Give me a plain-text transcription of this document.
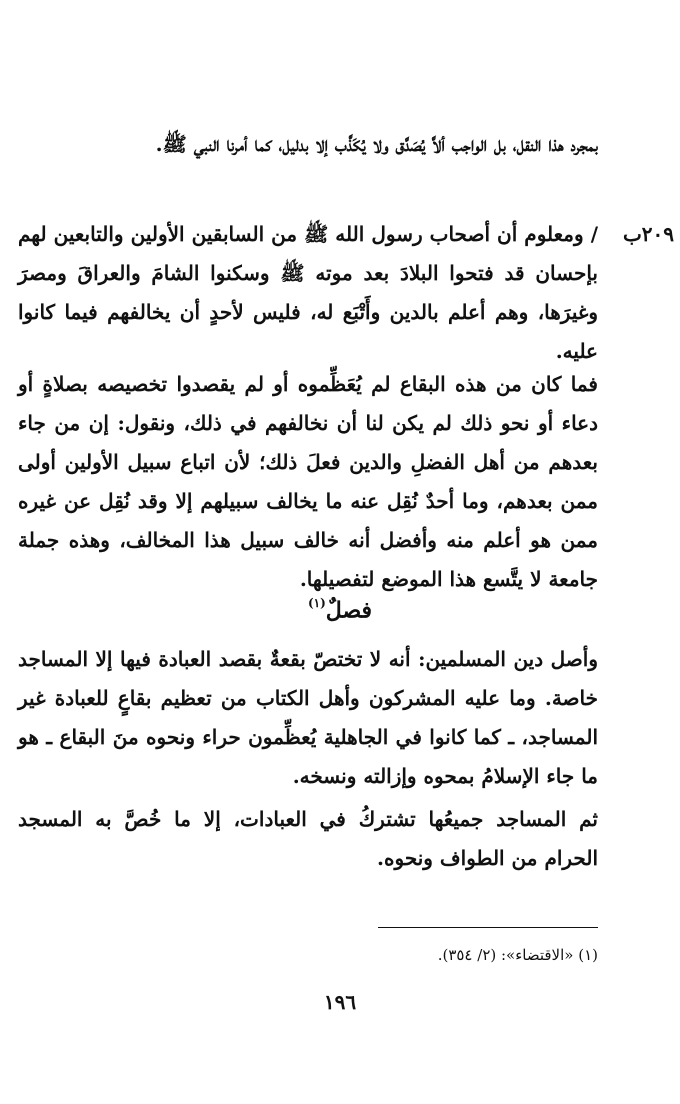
٢٠٩ب

بمجرد هذا النقل، بل الواجب ألاَّ يُصَدَّق ولا يُكَذَّب إلا بدليل، كما أمرنا النبي ﷺ.

/ ومعلوم أن أصحاب رسول الله ﷺ من السابقين الأولين والتابعين لهم بإحسان قد فتحوا البلادَ بعد موته ﷺ وسكنوا الشامَ والعراقَ ومصرَ وغيرَها، وهم أعلم بالدين وأَتْبَع له، فليس لأحدٍ أن يخالفهم فيما كانوا عليه.

فما كان من هذه البقاع لم يُعَظِّموه أو لم يقصدوا تخصيصه بصلاةٍ أو دعاء أو نحو ذلك لم يكن لنا أن نخالفهم في ذلك، ونقول: إن من جاء بعدهم من أهل الفضلِ والدين فعلَ ذلك؛ لأن اتباع سبيل الأولين أولى ممن بعدهم، وما أحدٌ نُقِل عنه ما يخالف سبيلهم إلا وقد نُقِل عن غيره ممن هو أعلم منه وأفضل أنه خالف سبيل هذا المخالف، وهذه جملة جامعة لا يتَّسع هذا الموضع لتفصيلها.

فصلٌ$^{(١)}$

وأصل دين المسلمين: أنه لا تختصّ بقعةٌ بقصد العبادة فيها إلا المساجد خاصة. وما عليه المشركون وأهل الكتاب من تعظيم بقاعٍ للعبادة غير المساجد، ـ كما كانوا في الجاهلية يُعظِّمون حراء ونحوه منَ البقاع ـ هو ما جاء الإسلامُ بمحوه وإزالته ونسخه.

ثم المساجد جميعُها تشتركُ في العبادات، إلا ما خُصَّ به المسجد الحرام من الطواف ونحوه.

(١) «الاقتضاء»: (٢/ ٣٥٤).
١٩٦
